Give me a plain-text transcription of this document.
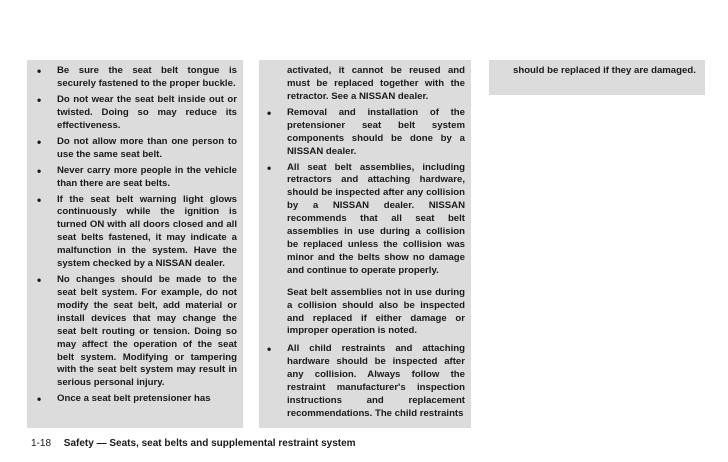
• Be sure the seat belt tongue is securely fastened to the proper buckle.
• Do not wear the seat belt inside out or twisted. Doing so may reduce its effectiveness.
• Do not allow more than one person to use the same seat belt.
• Never carry more people in the vehicle than there are seat belts.
• If the seat belt warning light glows continuously while the ignition is turned ON with all doors closed and all seat belts fastened, it may indicate a malfunction in the system. Have the system checked by a NISSAN dealer.
• No changes should be made to the seat belt system. For example, do not modify the seat belt, add material or install devices that may change the seat belt routing or tension. Doing so may affect the operation of the seat belt system. Modifying or tampering with the seat belt system may result in serious personal injury.
• Once a seat belt pretensioner has
activated, it cannot be reused and must be replaced together with the retractor. See a NISSAN dealer.
• Removal and installation of the pretensioner seat belt system components should be done by a NISSAN dealer.
• All seat belt assemblies, including retractors and attaching hardware, should be inspected after any collision by a NISSAN dealer. NISSAN recommends that all seat belt assemblies in use during a collision be replaced unless the collision was minor and the belts show no damage and continue to operate properly.
Seat belt assemblies not in use during a collision should also be inspected and replaced if either damage or improper operation is noted.
• All child restraints and attaching hardware should be inspected after any collision. Always follow the restraint manufacturer's inspection instructions and replacement recommendations. The child restraints
should be replaced if they are damaged.
1-18 Safety — Seats, seat belts and supplemental restraint system
